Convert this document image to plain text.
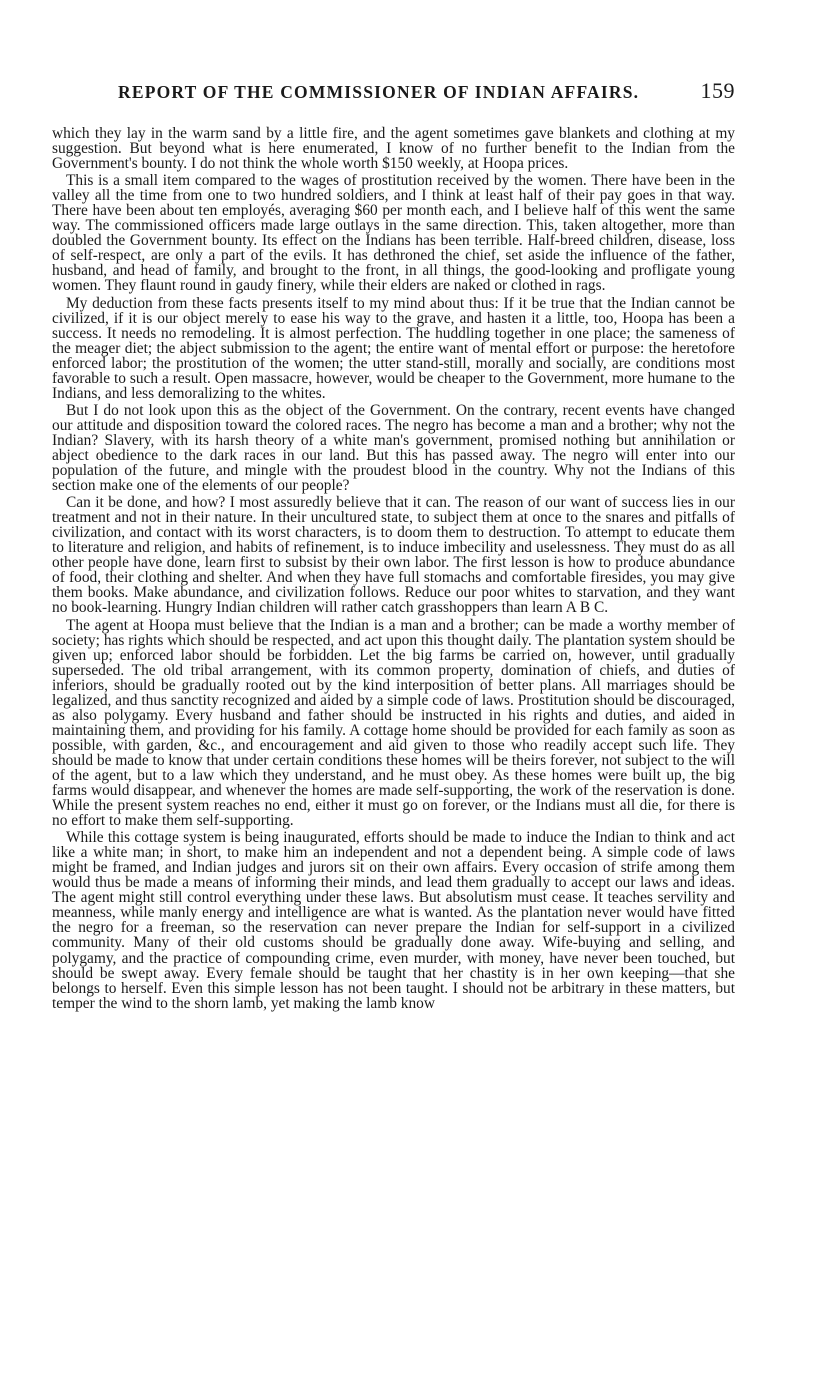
REPORT OF THE COMMISSIONER OF INDIAN AFFAIRS.	159

which they lay in the warm sand by a little fire, and the agent sometimes gave blankets and clothing at my suggestion. But beyond what is here enumerated, I know of no further benefit to the Indian from the Government's bounty. I do not think the whole worth $150 weekly, at Hoopa prices.

This is a small item compared to the wages of prostitution received by the women. There have been in the valley all the time from one to two hundred soldiers, and I think at least half of their pay goes in that way. There have been about ten employés, averaging $60 per month each, and I believe half of this went the same way. The commissioned officers made large outlays in the same direction. This, taken altogether, more than doubled the Government bounty. Its effect on the Indians has been terrible. Half-breed children, disease, loss of self-respect, are only a part of the evils. It has dethroned the chief, set aside the influence of the father, husband, and head of family, and brought to the front, in all things, the good-looking and profligate young women. They flaunt round in gaudy finery, while their elders are naked or clothed in rags.

My deduction from these facts presents itself to my mind about thus: If it be true that the Indian cannot be civilized, if it is our object merely to ease his way to the grave, and hasten it a little, too, Hoopa has been a success. It needs no remodeling. It is almost perfection. The huddling together in one place; the sameness of the meager diet; the abject submission to the agent; the entire want of mental effort or purpose: the heretofore enforced labor; the prostitution of the women; the utter stand-still, morally and socially, are conditions most favorable to such a result. Open massacre, however, would be cheaper to the Government, more humane to the Indians, and less demoralizing to the whites.

But I do not look upon this as the object of the Government. On the contrary, recent events have changed our attitude and disposition toward the colored races. The negro has become a man and a brother; why not the Indian? Slavery, with its harsh theory of a white man's government, promised nothing but annihilation or abject obedience to the dark races in our land. But this has passed away. The negro will enter into our population of the future, and mingle with the proudest blood in the country. Why not the Indians of this section make one of the elements of our people?

Can it be done, and how? I most assuredly believe that it can. The reason of our want of success lies in our treatment and not in their nature. In their uncultured state, to subject them at once to the snares and pitfalls of civilization, and contact with its worst characters, is to doom them to destruction. To attempt to educate them to literature and religion, and habits of refinement, is to induce imbecility and uselessness. They must do as all other people have done, learn first to subsist by their own labor. The first lesson is how to produce abundance of food, their clothing and shelter. And when they have full stomachs and comfortable firesides, you may give them books. Make abundance, and civilization follows. Reduce our poor whites to starvation, and they want no book-learning. Hungry Indian children will rather catch grasshoppers than learn A B C.

The agent at Hoopa must believe that the Indian is a man and a brother; can be made a worthy member of society; has rights which should be respected, and act upon this thought daily. The plantation system should be given up; enforced labor should be forbidden. Let the big farms be carried on, however, until gradually superseded. The old tribal arrangement, with its common property, domination of chiefs, and duties of inferiors, should be gradually rooted out by the kind interposition of better plans. All marriages should be legalized, and thus sanctity recognized and aided by a simple code of laws. Prostitution should be discouraged, as also polygamy. Every husband and father should be instructed in his rights and duties, and aided in maintaining them, and providing for his family. A cottage home should be provided for each family as soon as possible, with garden, &c., and encouragement and aid given to those who readily accept such life. They should be made to know that under certain conditions these homes will be theirs forever, not subject to the will of the agent, but to a law which they understand, and he must obey. As these homes were built up, the big farms would disappear, and whenever the homes are made self-supporting, the work of the reservation is done. While the present system reaches no end, either it must go on forever, or the Indians must all die, for there is no effort to make them self-supporting.

While this cottage system is being inaugurated, efforts should be made to induce the Indian to think and act like a white man; in short, to make him an independent and not a dependent being. A simple code of laws might be framed, and Indian judges and jurors sit on their own affairs. Every occasion of strife among them would thus be made a means of informing their minds, and lead them gradually to accept our laws and ideas. The agent might still control everything under these laws. But absolutism must cease. It teaches servility and meanness, while manly energy and intelligence are what is wanted. As the plantation never would have fitted the negro for a freeman, so the reservation can never prepare the Indian for self-support in a civilized community. Many of their old customs should be gradually done away. Wife-buying and selling, and polygamy, and the practice of compounding crime, even murder, with money, have never been touched, but should be swept away. Every female should be taught that her chastity is in her own keeping—that she belongs to herself. Even this simple lesson has not been taught. I should not be arbitrary in these matters, but temper the wind to the shorn lamb, yet making the lamb know
